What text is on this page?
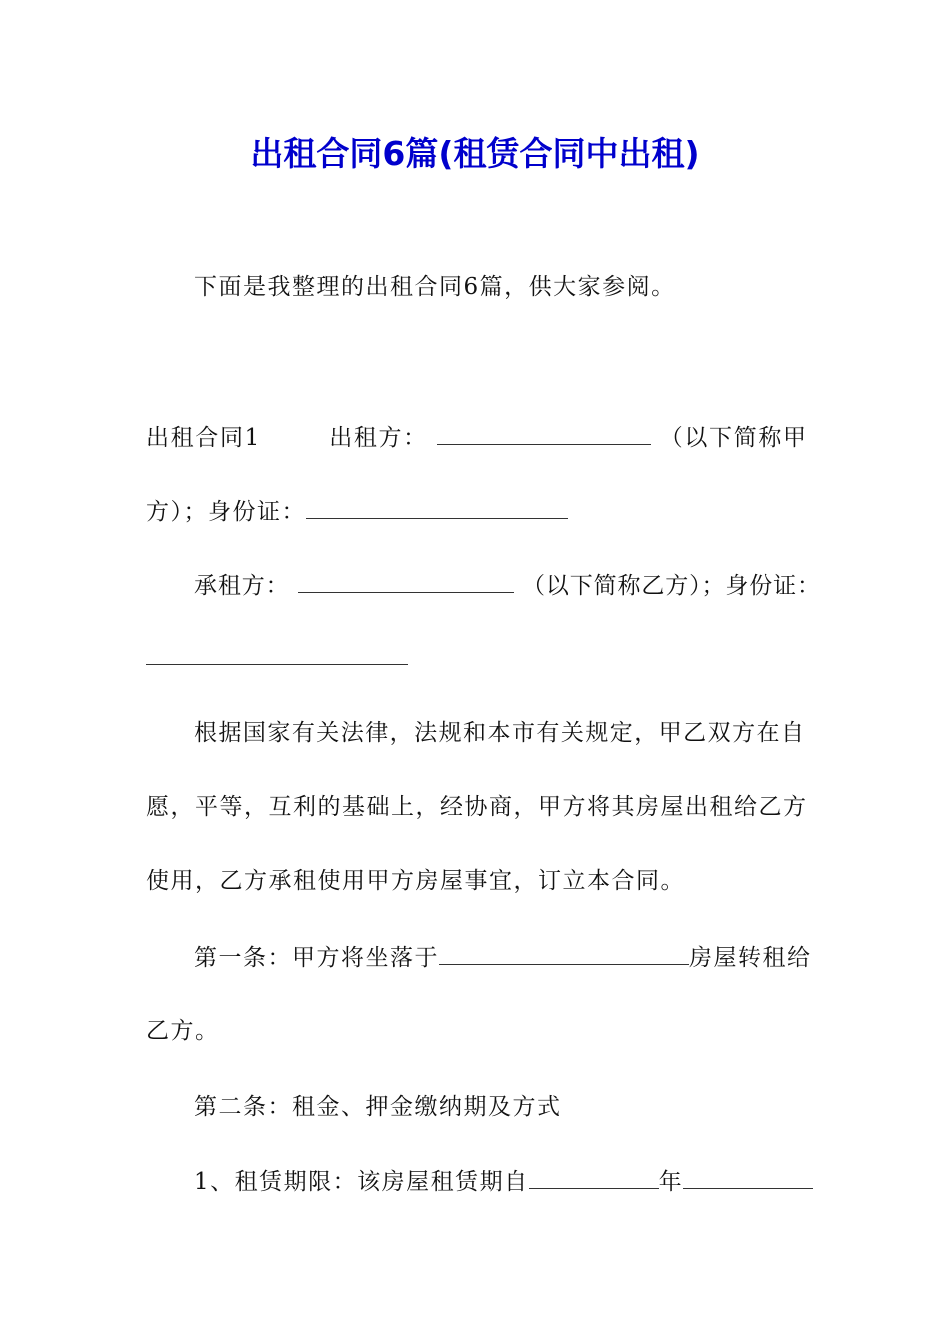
出租合同6篇(租赁合同中出租)
下面是我整理的出租合同6篇，供大家参阅。
出租合同1	出租方：	（以下简称甲
方）；身份证：
承租方：	（以下简称乙方）；身份证：
根据国家有关法律，法规和本市有关规定，甲乙双方在自
愿，平等，互利的基础上，经协商，甲方将其房屋出租给乙方
使用，乙方承租使用甲方房屋事宜，订立本合同。
第一条：甲方将坐落于	房屋转租给
乙方。
第二条：租金、押金缴纳期及方式
1、租赁期限：该房屋租赁期自	年
